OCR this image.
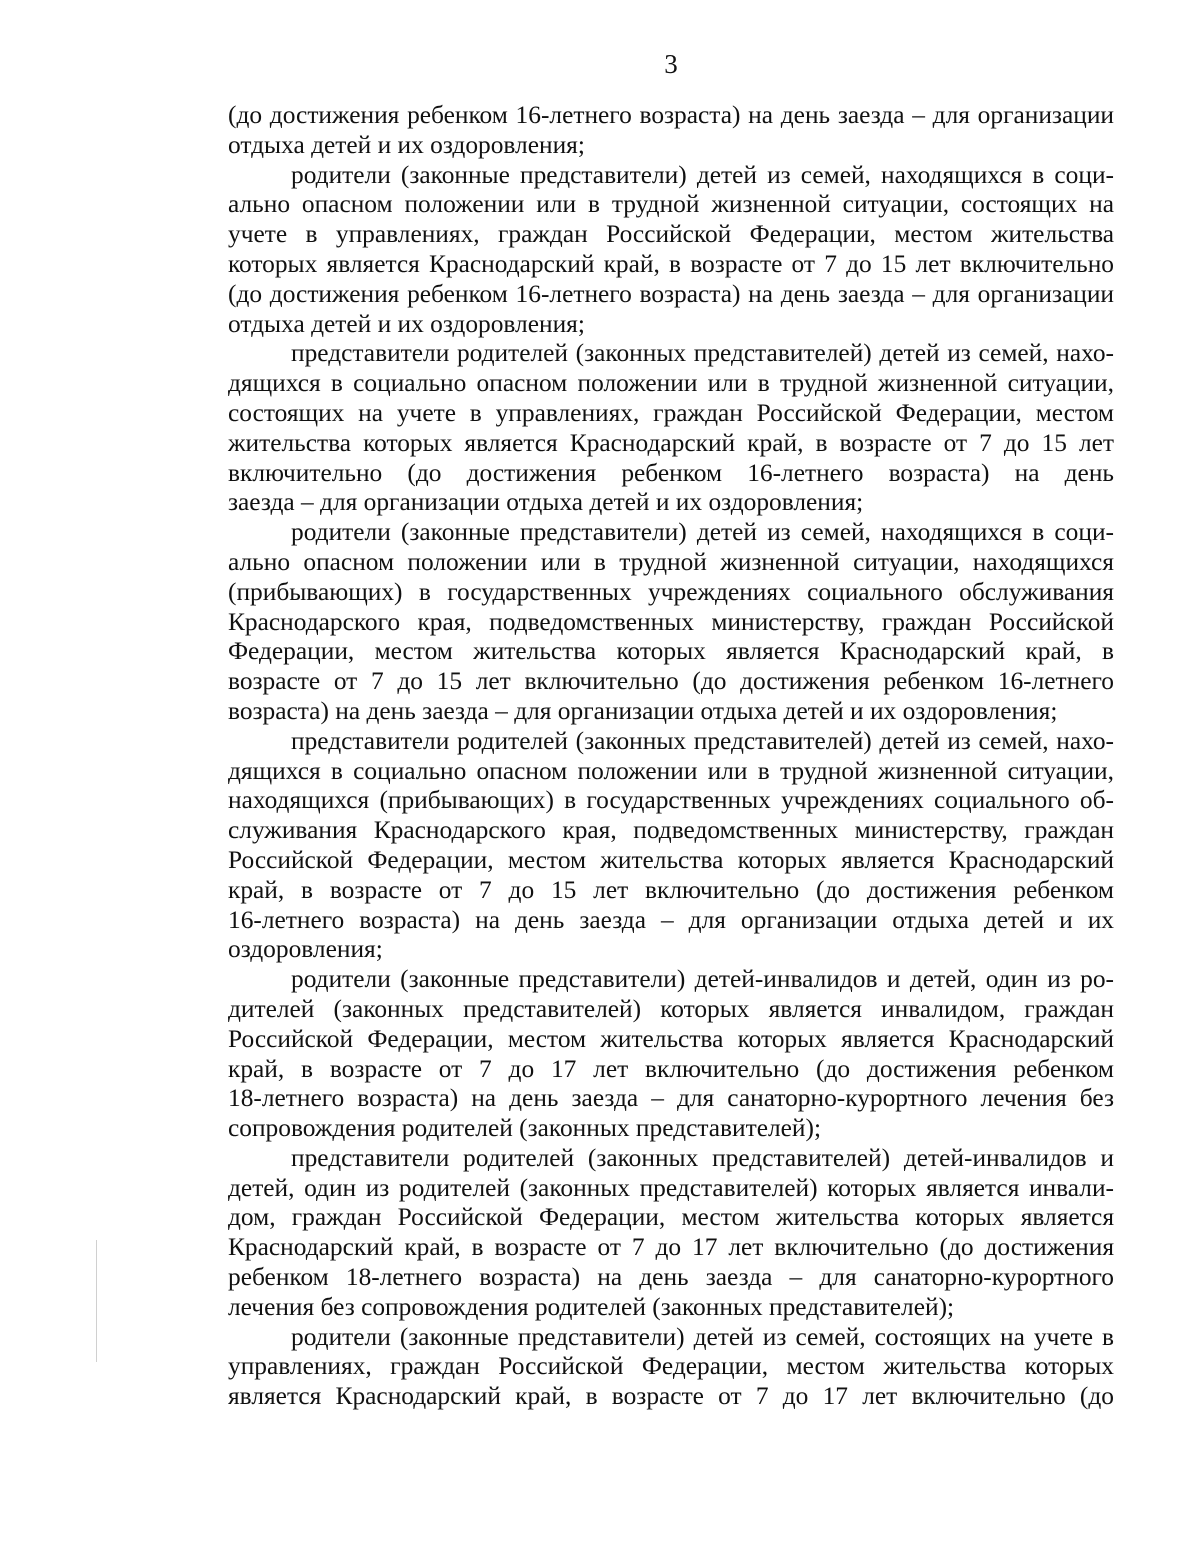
3
(до достижения ребенком 16-летнего возраста) на день заезда – для организации
отдыха детей и их оздоровления;
родители (законные представители) детей из семей, находящихся в соци-
ально опасном положении или в трудной жизненной ситуации, состоящих на
учете в управлениях, граждан Российской Федерации, местом жительства
которых является Краснодарский край, в возрасте от 7 до 15 лет включительно
(до достижения ребенком 16-летнего возраста) на день заезда – для организации
отдыха детей и их оздоровления;
представители родителей (законных представителей) детей из семей, нахо-
дящихся в социально опасном положении или в трудной жизненной ситуации,
состоящих на учете в управлениях, граждан Российской Федерации, местом
жительства которых является Краснодарский край, в возрасте от 7 до 15 лет
включительно (до достижения ребенком 16-летнего возраста) на день
заезда – для организации отдыха детей и их оздоровления;
родители (законные представители) детей из семей, находящихся в соци-
ально опасном положении или в трудной жизненной ситуации, находящихся
(прибывающих) в государственных учреждениях социального обслуживания
Краснодарского края, подведомственных министерству, граждан Российской
Федерации, местом жительства которых является Краснодарский край, в
возрасте от 7 до 15 лет включительно (до достижения ребенком 16-летнего
возраста) на день заезда – для организации отдыха детей и их оздоровления;
представители родителей (законных представителей) детей из семей, нахо-
дящихся в социально опасном положении или в трудной жизненной ситуации,
находящихся (прибывающих) в государственных учреждениях социального об-
служивания Краснодарского края, подведомственных министерству, граждан
Российской Федерации, местом жительства которых является Краснодарский
край, в возрасте от 7 до 15 лет включительно (до достижения ребенком
16-летнего возраста) на день заезда – для организации отдыха детей и их
оздоровления;
родители (законные представители) детей-инвалидов и детей, один из ро-
дителей (законных представителей) которых является инвалидом, граждан
Российской Федерации, местом жительства которых является Краснодарский
край, в возрасте от 7 до 17 лет включительно (до достижения ребенком
18-летнего возраста) на день заезда – для санаторно-курортного лечения без
сопровождения родителей (законных представителей);
представители родителей (законных представителей) детей-инвалидов и
детей, один из родителей (законных представителей) которых является инвали-
дом, граждан Российской Федерации, местом жительства которых является
Краснодарский край, в возрасте от 7 до 17 лет включительно (до достижения
ребенком 18-летнего возраста) на день заезда – для санаторно-курортного
лечения без сопровождения родителей (законных представителей);
родители (законные представители) детей из семей, состоящих на учете в
управлениях, граждан Российской Федерации, местом жительства которых
является Краснодарский край, в возрасте от 7 до 17 лет включительно (до
